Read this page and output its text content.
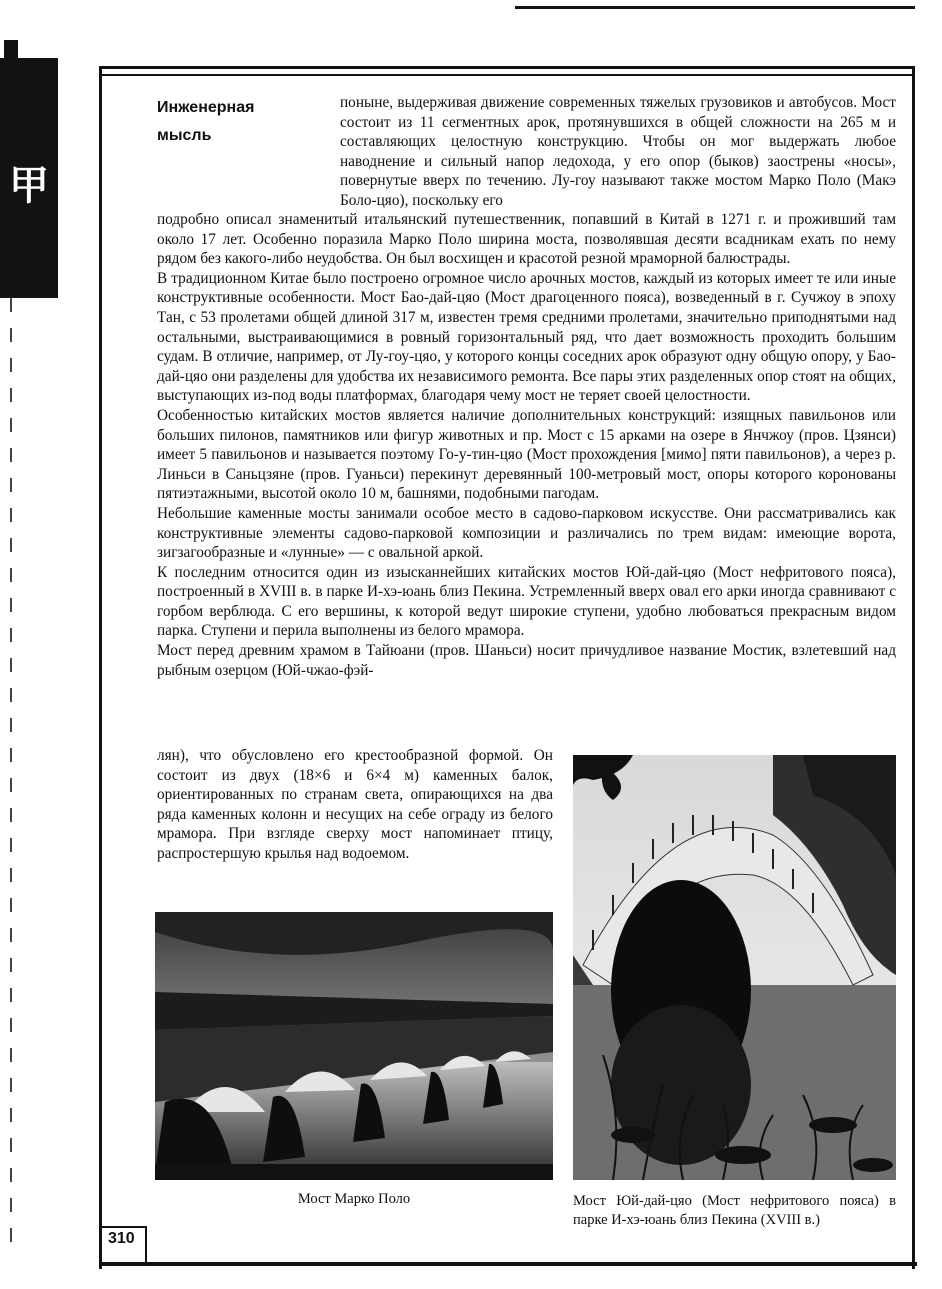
甲
310
Инженерная
мысль
поныне, выдерживая движение современных тяжелых грузовиков и автобусов. Мост состоит из 11 сегментных арок, протянувшихся в общей сложности на 265 м и составляющих целостную конструкцию. Чтобы он мог выдержать любое наводнение и сильный напор ледохода, у его опор (быков) заострены «носы», повернутые вверх по течению. Лу-гоу называют также мостом Марко Поло (Макэ Боло-цяо), поскольку его

подробно описал знаменитый итальянский путешественник, попавший в Китай в 1271 г. и проживший там около 17 лет. Особенно поразила Марко Поло ширина моста, позволявшая десяти всадникам ехать по нему рядом без какого-либо неудобства. Он был восхищен и красотой резной мраморной балюстрады.

В традиционном Китае было построено огромное число арочных мостов, каждый из которых имеет те или иные конструктивные особенности. Мост Бао-дай-цяо (Мост драгоценного пояса), возведенный в г. Сучжоу в эпоху Тан, с 53 пролетами общей длиной 317 м, известен тремя средними пролетами, значительно приподнятыми над остальными, выстраивающимися в ровный горизонтальный ряд, что дает возможность проходить большим судам. В отличие, например, от Лу-гоу-цяо, у которого концы соседних арок образуют одну общую опору, у Бао-дай-цяо они разделены для удобства их независимого ремонта. Все пары этих разделенных опор стоят на общих, выступающих из-под воды платформах, благодаря чему мост не теряет своей целостности.

Особенностью китайских мостов является наличие дополнительных конструкций: изящных павильонов или больших пилонов, памятников или фигур животных и пр. Мост с 15 арками на озере в Янчжоу (пров. Цзянси) имеет 5 павильонов и называется поэтому Го-у-тин-цяо (Мост прохождения [мимо] пяти павильонов), а через р. Линьси в Саньцзяне (пров. Гуаньси) перекинут деревянный 100-метровый мост, опоры которого коронованы пятиэтажными, высотой около 10 м, башнями, подобными пагодам.

Небольшие каменные мосты занимали особое место в садово-парковом искусстве. Они рассматривались как конструктивные элементы садово-парковой композиции и различались по трем видам: имеющие ворота, зигзагообразные и «лунные» — с овальной аркой.

К последним относится один из изысканнейших китайских мостов Юй-дай-цяо (Мост нефритового пояса), построенный в XVIII в. в парке И-хэ-юань близ Пекина. Устремленный вверх овал его арки иногда сравнивают с горбом верблюда. С его вершины, к которой ведут широкие ступени, удобно любоваться прекрасным видом парка. Ступени и перила выполнены из белого мрамора.

Мост перед древним храмом в Тайюани (пров. Шаньси) носит причудливое название Мостик, взлетевший над рыбным озерцом (Юй-чжао-фэй-

лян), что обусловлено его крестообразной формой. Он состоит из двух (18×6 и 6×4 м) каменных балок, ориентированных по странам света, опирающихся на два ряда каменных колонн и несущих на себе ограду из белого мрамора. При взгляде сверху мост напоминает птицу, распростершую крылья над водоемом.
Мост Марко Поло	Мост Юй-дай-цяо (Мост нефритового пояса) в парке И-хэ-юань близ Пекина (XVIII в.)
